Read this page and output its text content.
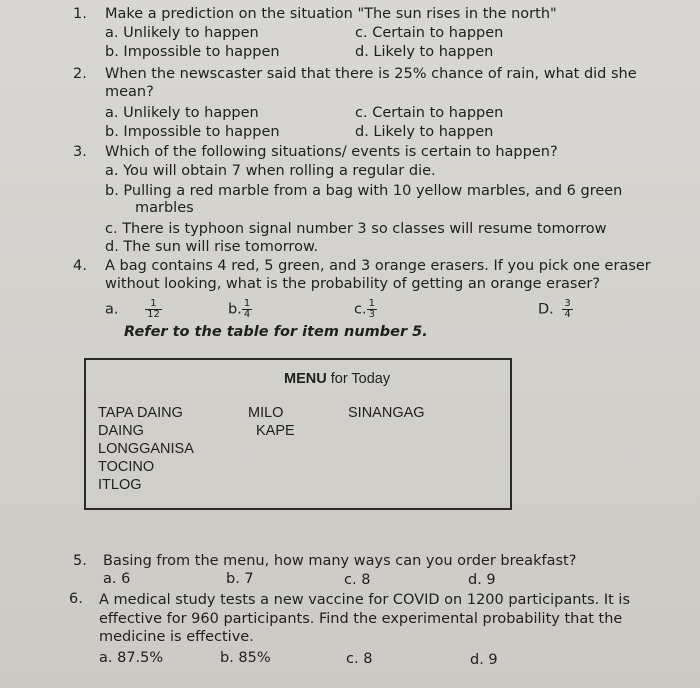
1. Make a prediction on the situation "The sun rises in the north"
a. Unlikely to happen	c. Certain to happen
b. Impossible to happen	d. Likely to happen
2. When the newscaster said that there is 25% chance of rain, what did she
mean?
a. Unlikely to happen	c. Certain to happen
b. Impossible to happen	d. Likely to happen
3. Which of the following situations/ events is certain to happen?
a. You will obtain 7 when rolling a regular die.
b. Pulling a red marble from a bag with 10 yellow marbles, and 6 green
marbles
c. There is typhoon signal number 3 so classes will resume tomorrow
d. The sun will rise tomorrow.
4. A bag contains 4 red, 5 green, and 3 orange erasers. If you pick one eraser
without looking, what is the probability of getting an orange eraser?
a.	$\frac{1}{12}$	b. $\frac{1}{4}$	c. $\frac{1}{3}$	D. $\frac{3}{4}$
Refer to the table for item number 5.
MENU for Today
TAPA DAING
DAING
LONGGANISA
TOCINO
ITLOG
MILO
KAPE
SINANGAG
5. Basing from the menu, how many ways can you order breakfast?
a. 6	b. 7	c. 8	d. 9
6. A medical study tests a new vaccine for COVID on 1200 participants. It is
effective for 960 participants. Find the experimental probability that the
medicine is effective.
a. 87.5%	b. 85%	c. 8	d. 9
